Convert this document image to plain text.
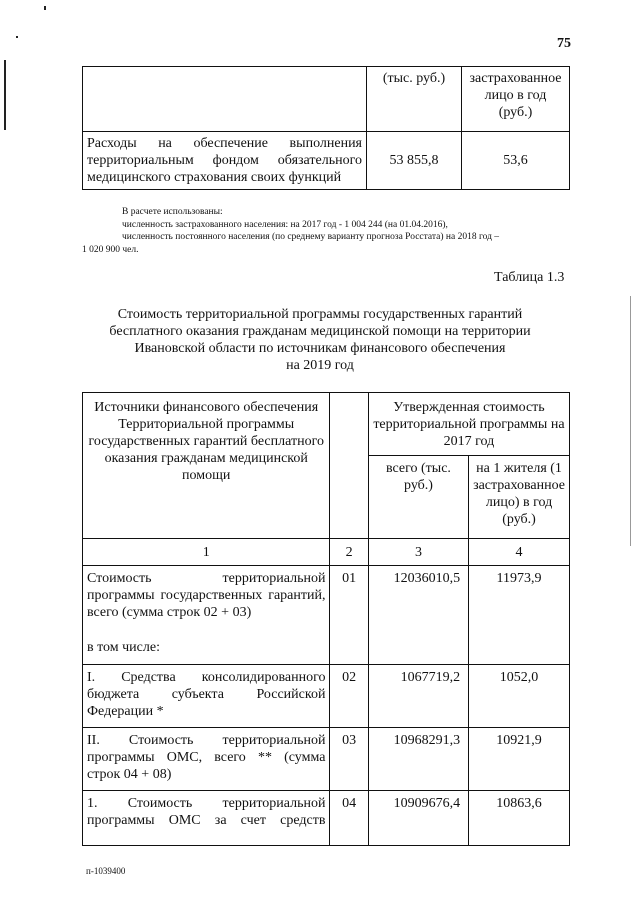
75
	(тыс. руб.)	застрахованное
лицо в год
(руб.)

Расходы на обеспечение выполнения территориальным фондом обязательного медицинского страхования своих функций	53 855,8	53,6
В расчете использованы:
численность застрахованного населения: на 2017 год - 1 004 244 (на 01.04.2016),
численность постоянного населения (по среднему варианту прогноза Росстата) на 2018 год –
1 020 900 чел.
Таблица 1.3
Стоимость территориальной программы государственных гарантий
бесплатного оказания гражданам медицинской помощи на территории
Ивановской области по источникам финансового обеспечения
на 2019 год
Источники финансового обеспечения Территориальной программы государственных гарантий бесплатного оказания гражданам медицинской помощи		Утвержденная стоимость территориальной программы на 2017 год	
		всего (тыс. руб.)	на 1 жителя (1 застрахованное лицо) в год (руб.)
1	2	3	4

Стоимость территориальной программы государственных гарантий, всего (сумма строк 02 + 03)
в том числе:	01	12036010,5	11973,9
I. Средства консолидированного бюджета субъекта Российской Федерации *	02	1067719,2	1052,0
II. Стоимость территориальной программы ОМС, всего ** (сумма строк 04 + 08)	03	10968291,3	10921,9
1. Стоимость территориальной программы ОМС за счет средств	04	10909676,4	10863,6
п-1039400
